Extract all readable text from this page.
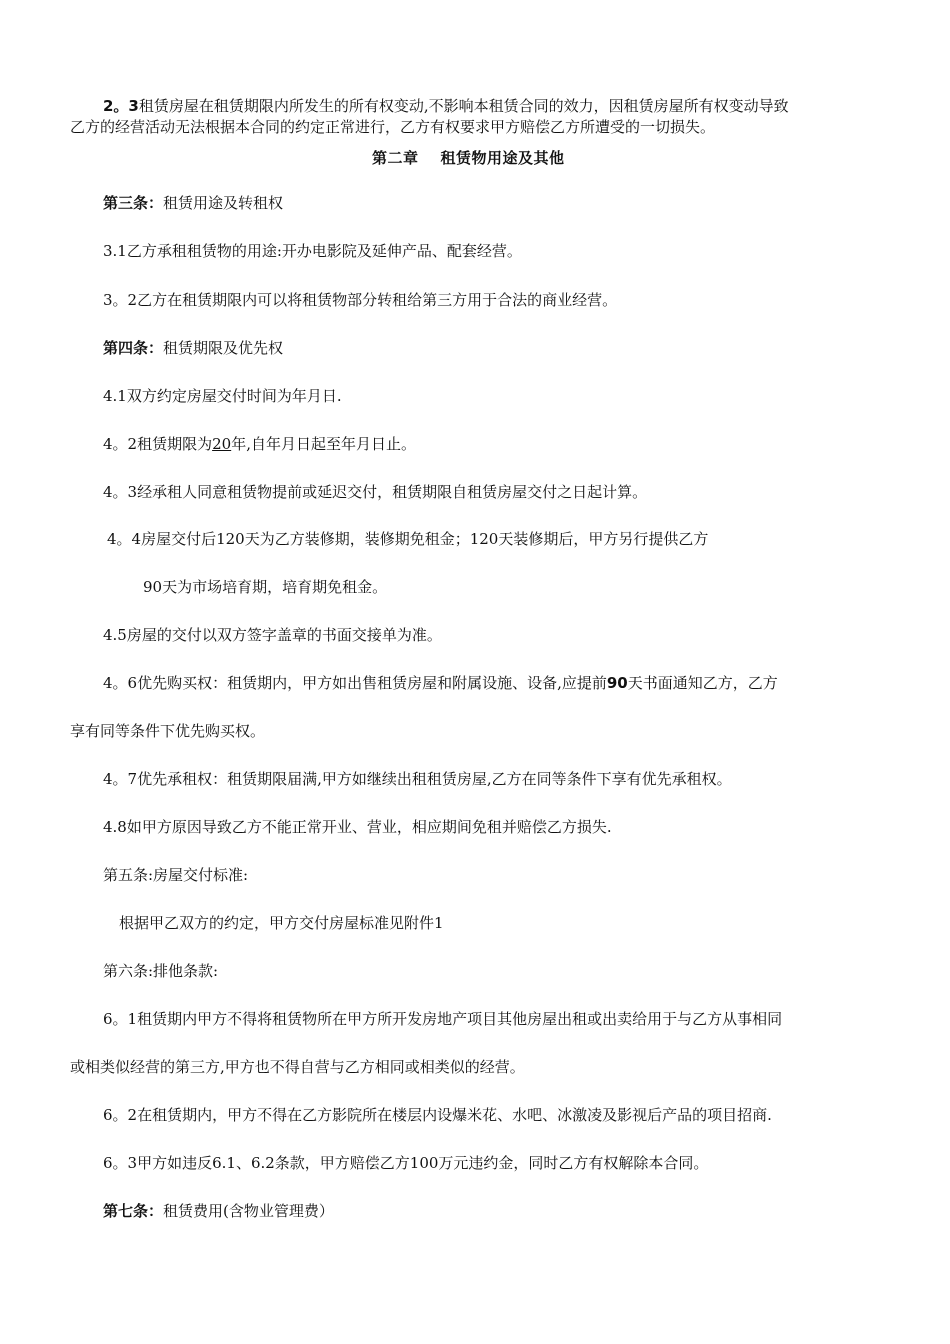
2。3租赁房屋在租赁期限内所发生的所有权变动,不影响本租赁合同的效力，因租赁房屋所有权变动导致
乙方的经营活动无法根据本合同的约定正常进行，乙方有权要求甲方赔偿乙方所遭受的一切损失。
第二章 租赁物用途及其他
第三条：租赁用途及转租权
3.1乙方承租租赁物的用途:开办电影院及延伸产品、配套经营。
3。2乙方在租赁期限内可以将租赁物部分转租给第三方用于合法的商业经营。
第四条：租赁期限及优先权
4.1双方约定房屋交付时间为年月日.
4。2租赁期限为20年,自年月日起至年月日止。
4。3经承租人同意租赁物提前或延迟交付，租赁期限自租赁房屋交付之日起计算。
4。4房屋交付后120天为乙方装修期，装修期免租金；120天装修期后，甲方另行提供乙方
90天为市场培育期，培育期免租金。
4.5房屋的交付以双方签字盖章的书面交接单为准。
4。6优先购买权：租赁期内，甲方如出售租赁房屋和附属设施、设备,应提前90天书面通知乙方，乙方
享有同等条件下优先购买权。
4。7优先承租权：租赁期限届满,甲方如继续出租租赁房屋,乙方在同等条件下享有优先承租权。
4.8如甲方原因导致乙方不能正常开业、营业，相应期间免租并赔偿乙方损失.
第五条:房屋交付标准:
根据甲乙双方的约定，甲方交付房屋标准见附件1
第六条:排他条款:
6。1租赁期内甲方不得将租赁物所在甲方所开发房地产项目其他房屋出租或出卖给用于与乙方从事相同
或相类似经营的第三方,甲方也不得自营与乙方相同或相类似的经营。
6。2在租赁期内，甲方不得在乙方影院所在楼层内设爆米花、水吧、冰激凌及影视后产品的项目招商.
6。3甲方如违反6.1、6.2条款，甲方赔偿乙方100万元违约金，同时乙方有权解除本合同。
第七条：租赁费用(含物业管理费）
